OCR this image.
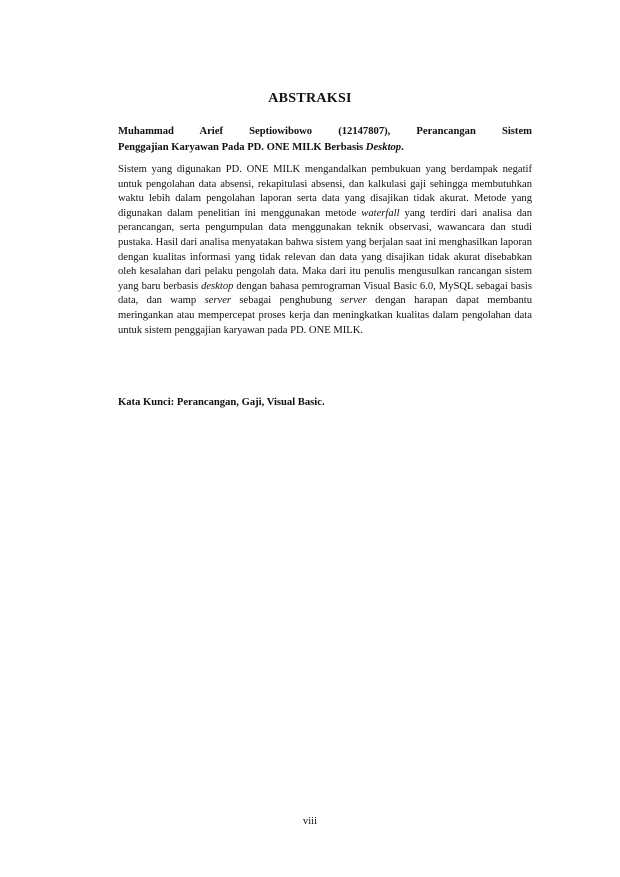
ABSTRAKSI
Muhammad Arief Septiowibowo (12147807), Perancangan Sistem
Penggajian Karyawan Pada PD. ONE MILK Berbasis Desktop.
Sistem yang digunakan PD. ONE MILK mengandalkan pembukuan yang berdampak negatif untuk pengolahan data absensi, rekapitulasi absensi, dan kalkulasi gaji sehingga membutuhkan waktu lebih dalam pengolahan laporan serta data yang disajikan tidak akurat. Metode yang digunakan dalam penelitian ini menggunakan metode waterfall yang terdiri dari analisa dan perancangan, serta pengumpulan data menggunakan teknik observasi, wawancara dan studi pustaka. Hasil dari analisa menyatakan bahwa sistem yang berjalan saat ini menghasilkan laporan dengan kualitas informasi yang tidak relevan dan data yang disajikan tidak akurat disebabkan oleh kesalahan dari pelaku pengolah data. Maka dari itu penulis mengusulkan rancangan sistem yang baru berbasis desktop dengan bahasa pemrograman Visual Basic 6.0, MySQL sebagai basis data, dan wamp server sebagai penghubung server dengan harapan dapat membantu meringankan atau mempercepat proses kerja dan meningkatkan kualitas dalam pengolahan data untuk sistem penggajian karyawan pada PD. ONE MILK.
Kata Kunci: Perancangan, Gaji, Visual Basic.
viii
